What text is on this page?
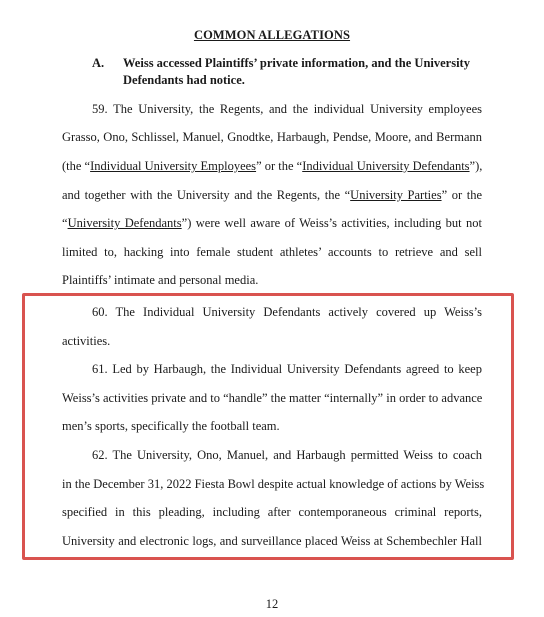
COMMON ALLEGATIONS
A. Weiss accessed Plaintiffs’ private information, and the University Defendants had notice.
59. The University, the Regents, and the individual University employees
Grasso, Ono, Schlissel, Manuel, Gnodtke, Harbaugh, Pendse, Moore, and Bermann
(the “Individual University Employees” or the “Individual University Defendants”),
and together with the University and the Regents, the “University Parties” or the
“University Defendants”) were well aware of Weiss’s activities, including but not
limited to, hacking into female student athletes’ accounts to retrieve and sell
Plaintiffs’ intimate and personal media.
60. The Individual University Defendants actively covered up Weiss’s
activities.
61. Led by Harbaugh, the Individual University Defendants agreed to keep
Weiss’s activities private and to “handle” the matter “internally” in order to advance
men’s sports, specifically the football team.
62. The University, Ono, Manuel, and Harbaugh permitted Weiss to coach
in the December 31, 2022 Fiesta Bowl despite actual knowledge of actions by Weiss
specified in this pleading, including after contemporaneous criminal reports,
University and electronic logs, and surveillance placed Weiss at Schembechler Hall
12
